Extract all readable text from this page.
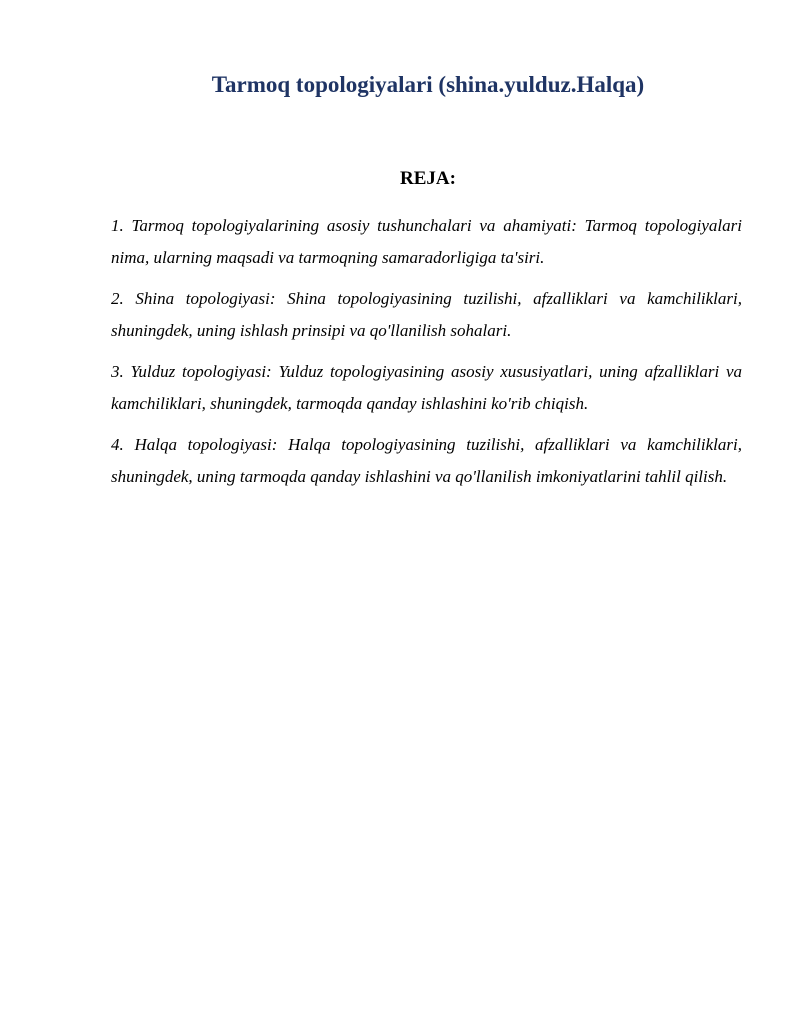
Tarmoq topologiyalari (shina.yulduz.Halqa)
REJA:
1. Tarmoq topologiyalarining asosiy tushunchalari va ahamiyati: Tarmoq topologiyalari nima, ularning maqsadi va tarmoqning samaradorligiga ta'siri.
2. Shina topologiyasi: Shina topologiyasining tuzilishi, afzalliklari va kamchiliklari, shuningdek, uning ishlash prinsipi va qo'llanilish sohalari.
3. Yulduz topologiyasi: Yulduz topologiyasining asosiy xususiyatlari, uning afzalliklari va kamchiliklari, shuningdek, tarmoqda qanday ishlashini ko'rib chiqish.
4. Halqa topologiyasi: Halqa topologiyasining tuzilishi, afzalliklari va kamchiliklari, shuningdek, uning tarmoqda qanday ishlashini va qo'llanilish imkoniyatlarini tahlil qilish.
